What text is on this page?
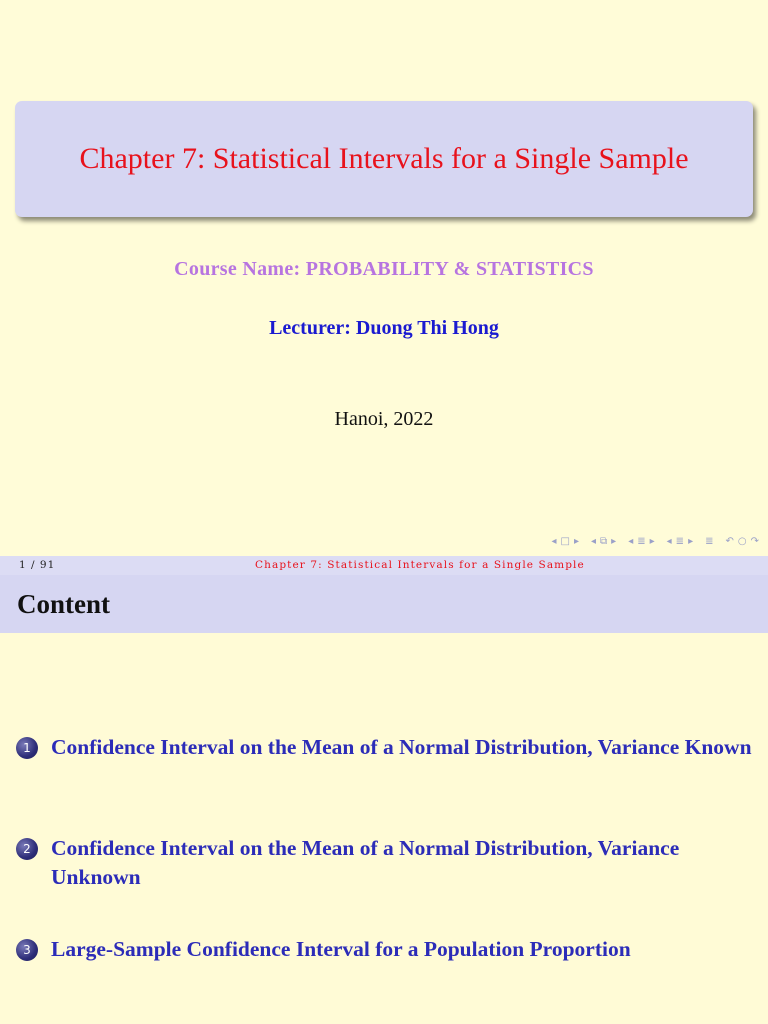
Chapter 7: Statistical Intervals for a Single Sample
Course Name: PROBABILITY & STATISTICS
Lecturer: Duong Thi Hong
Hanoi, 2022
◂ □ ▸ ◂ ⧉ ▸ ◂ ≣ ▸ ◂ ≣ ▸ ≣ ↶ ○ ↷
1 / 91	Chapter 7: Statistical Intervals for a Single Sample
Content
1 Confidence Interval on the Mean of a Normal Distribution, Variance Known
2 Confidence Interval on the Mean of a Normal Distribution, Variance Unknown
3 Large-Sample Confidence Interval for a Population Proportion
